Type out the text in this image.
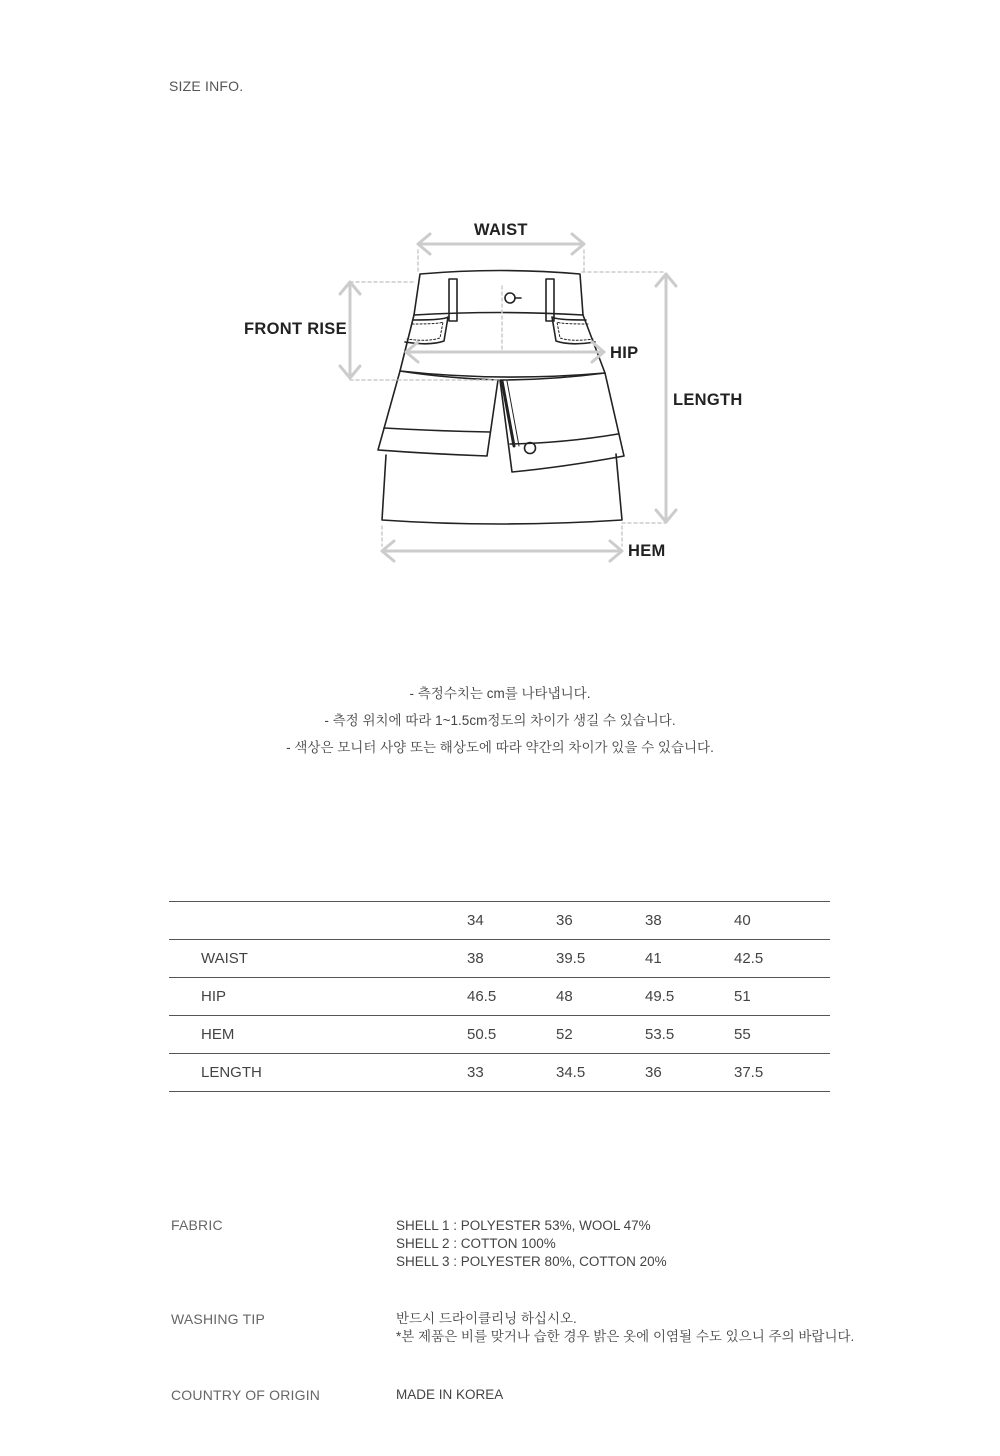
SIZE INFO.
WAIST
FRONT RISE
HIP
LENGTH
HEM
- 측정수치는 cm를 나타냅니다.
- 측정 위치에 따라 1~1.5cm정도의 차이가 생길 수 있습니다.
- 색상은 모니터 사양 또는 해상도에 따라 약간의 차이가 있을 수 있습니다.
	34	36	38	40
WAIST	38	39.5	41	42.5
HIP	46.5	48	49.5	51
HEM	50.5	52	53.5	55
LENGTH	33	34.5	36	37.5
FABRIC	SHELL 1 : POLYESTER 53%, WOOL 47%
SHELL 2 : COTTON 100%
SHELL 3 : POLYESTER 80%, COTTON 20%
WASHING TIP	반드시 드라이클리닝 하십시오.
*본 제품은 비를 맞거나 습한 경우 밝은 옷에 이염될 수도 있으니 주의 바랍니다.
COUNTRY OF ORIGIN	MADE IN KOREA
